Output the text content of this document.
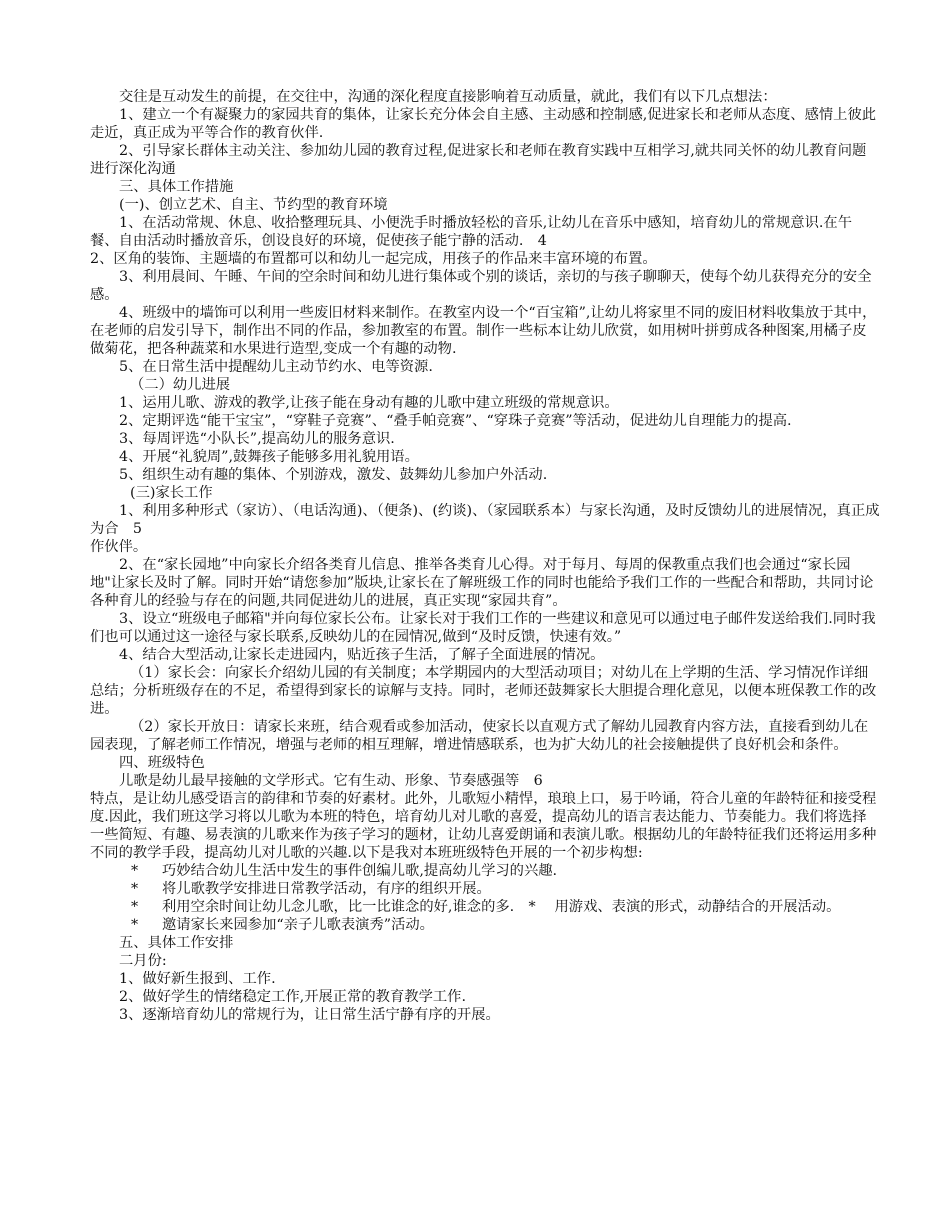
交往是互动发生的前提，在交往中，沟通的深化程度直接影响着互动质量，就此，我们有以下几点想法：

1、建立一个有凝聚力的家园共育的集体，让家长充分体会自主感、主动感和控制感,促进家长和老师从态度、感情上彼此走近，真正成为平等合作的教育伙伴.

2、引导家长群体主动关注、参加幼儿园的教育过程,促进家长和老师在教育实践中互相学习,就共同关怀的幼儿教育问题进行深化沟通

三、具体工作措施

(一)、创立艺术、自主、节约型的教育环境

1、在活动常规、休息、收拾整理玩具、小便洗手时播放轻松的音乐,让幼儿在音乐中感知，培育幼儿的常规意识.在午餐、自由活动时播放音乐，创设良好的环境，促使孩子能宁静的活动.　4

2、区角的装饰、主题墙的布置都可以和幼儿一起完成，用孩子的作品来丰富环境的布置。

3、利用晨间、午睡、午间的空余时间和幼儿进行集体或个别的谈话，亲切的与孩子聊聊天，使每个幼儿获得充分的安全感。

4、班级中的墙饰可以利用一些废旧材料来制作。在教室内设一个“百宝箱”,让幼儿将家里不同的废旧材料收集放于其中，在老师的启发引导下，制作出不同的作品，参加教室的布置。制作一些标本让幼儿欣赏，如用树叶拼剪成各种图案,用橘子皮做菊花，把各种蔬菜和水果进行造型,变成一个有趣的动物.

5、在日常生活中提醒幼儿主动节约水、电等资源.

（二）幼儿进展

1、运用儿歌、游戏的教学,让孩子能在身动有趣的儿歌中建立班级的常规意识。

2、定期评选“能干宝宝”，“穿鞋子竞赛”、“叠手帕竞赛”、“穿珠子竞赛”等活动，促进幼儿自理能力的提高.

3、每周评选“小队长”,提高幼儿的服务意识.

4、开展“礼貌周”,鼓舞孩子能够多用礼貌用语。

5、组织生动有趣的集体、个别游戏，激发、鼓舞幼儿参加户外活动.

(三)家长工作

1、利用多种形式（家访）、（电话沟通)、（便条)、(约谈)、（家园联系本）与家长沟通，及时反馈幼儿的进展情况，真正成为合　5

作伙伴。

2、在“家长园地”中向家长介绍各类育儿信息、推举各类育儿心得。对于每月、每周的保教重点我们也会通过“家长园地"让家长及时了解。同时开始“请您参加”版块,让家长在了解班级工作的同时也能给予我们工作的一些配合和帮助，共同讨论各种育儿的经验与存在的问题,共同促进幼儿的进展，真正实现“家园共育”。

3、设立“班级电子邮箱"并向每位家长公布。让家长对于我们工作的一些建议和意见可以通过电子邮件发送给我们.同时我们也可以通过这一途径与家长联系,反映幼儿的在园情况,做到“及时反馈，快速有效。”

4、结合大型活动,让家长走进园内，贴近孩子生活，了解子全面进展的情况。

（1）家长会：向家长介绍幼儿园的有关制度；本学期园内的大型活动项目；对幼儿在上学期的生活、学习情况作详细总结；分析班级存在的不足，希望得到家长的谅解与支持。同时，老师还鼓舞家长大胆提合理化意见，以便本班保教工作的改进。

（2）家长开放日：请家长来班，结合观看或参加活动，使家长以直观方式了解幼儿园教育内容方法，直接看到幼儿在园表现，了解老师工作情况，增强与老师的相互理解，增进情感联系，也为扩大幼儿的社会接触提供了良好机会和条件。

四、班级特色

儿歌是幼儿最早接触的文学形式。它有生动、形象、节奏感强等　6

特点，是让幼儿感受语言的韵律和节奏的好素材。此外，儿歌短小精悍，琅琅上口，易于吟诵，符合儿童的年龄特征和接受程度.因此，我们班这学习将以儿歌为本班的特色，培育幼儿对儿歌的喜爱，提高幼儿的语言表达能力、节奏能力。我们将选择一些简短、有趣、易表演的儿歌来作为孩子学习的题材，让幼儿喜爱朗诵和表演儿歌。根据幼儿的年龄特征我们还将运用多种不同的教学手段，提高幼儿对儿歌的兴趣.以下是我对本班班级特色开展的一个初步构想:

*	巧妙结合幼儿生活中发生的事件创编儿歌,提高幼儿学习的兴趣.
*	将儿歌教学安排进日常教学活动，有序的组织开展。
*	利用空余时间让幼儿念儿歌，比一比谁念的好,谁念的多.　*　 用游戏、表演的形式，动静结合的开展活动。
*	邀请家长来园参加“亲子儿歌表演秀”活动。

五、具体工作安排

二月份:

1、做好新生报到、工作.

2、做好学生的情绪稳定工作,开展正常的教育教学工作.

3、逐渐培育幼儿的常规行为，让日常生活宁静有序的开展。
